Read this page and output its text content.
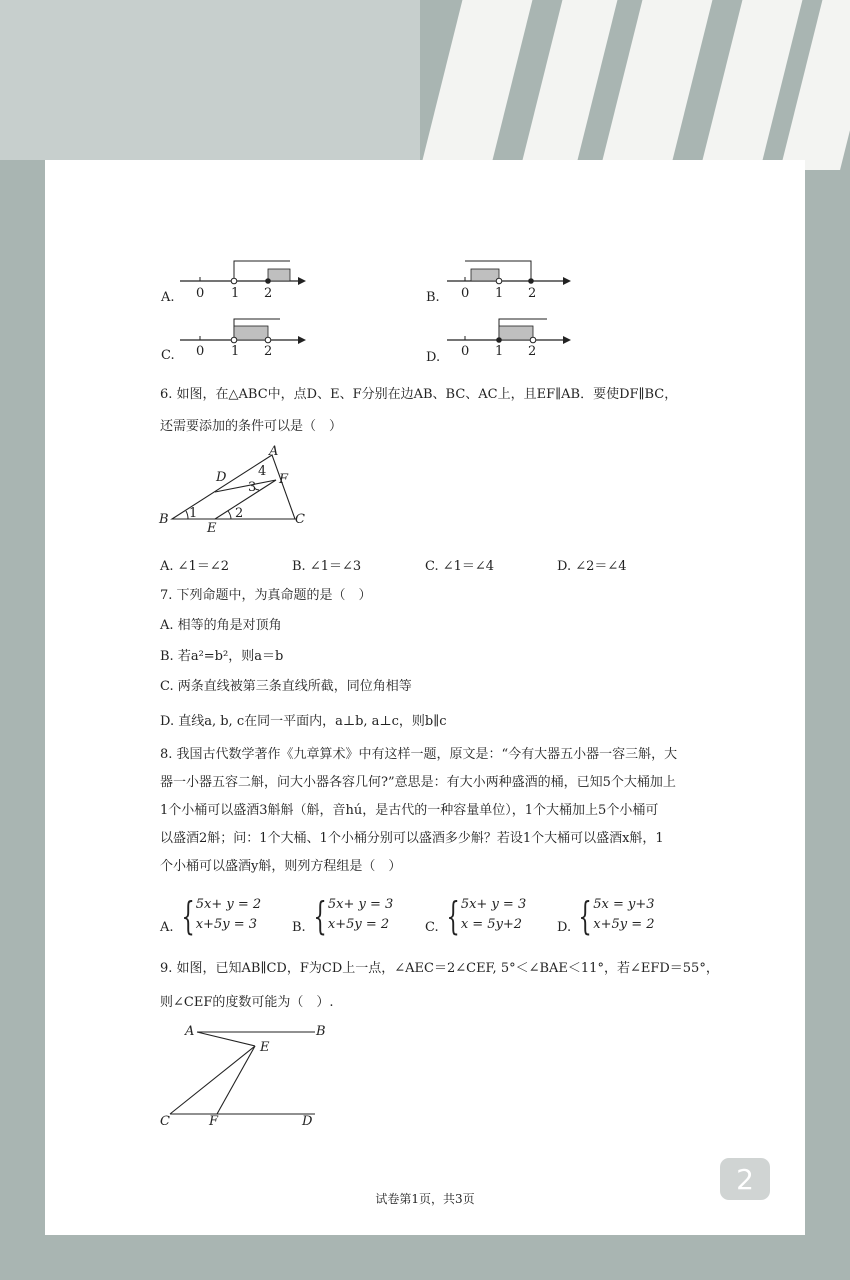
A. 0 1 2	B. 0 1 2
C. 0 1 2	D. 0 1 2
6. 如图，在△ABC中，点D、E、F分别在边AB、BC、AC上，且EF∥AB．要使DF∥BC，
还需要添加的条件可以是（　）
A
B	C
D
E
F
1	2
3
4
A. ∠1＝∠2	B. ∠1＝∠3	C. ∠1＝∠4	D. ∠2＝∠4
7. 下列命题中，为真命题的是（　）
A. 相等的角是对顶角
B. 若a²=b²，则a＝b
C. 两条直线被第三条直线所截，同位角相等
D. 直线a, b, c在同一平面内，a⊥b, a⊥c，则b∥c
8. 我国古代数学著作《九章算术》中有这样一题，原文是：“今有大器五小器一容三斛，大
器一小器五容二斛，问大小器各容几何?”意思是：有大小两种盛酒的桶，已知5个大桶加上
1个小桶可以盛酒3斛斛（斛，音hú，是古代的一种容量单位），1个大桶加上5个小桶可
以盛酒2斛；问：1个大桶、1个小桶分别可以盛酒多少斛？若设1个大桶可以盛酒x斛，1
个小桶可以盛酒y斛，则列方程组是（　）
A. { 5x+ y = 2
x+5y = 3	B. { 5x+ y = 3
x+5y = 2	C. { 5x+ y = 3
x = 5y+2	D. { 5x = y+3
x+5y = 2
9. 如图，已知AB∥CD，F为CD上一点，∠AEC＝2∠CEF, 5°＜∠BAE＜11°，若∠EFD＝55°，
则∠CEF的度数可能为（　）.
A	B
E
C	F	D
试卷第1页，共3页
2
